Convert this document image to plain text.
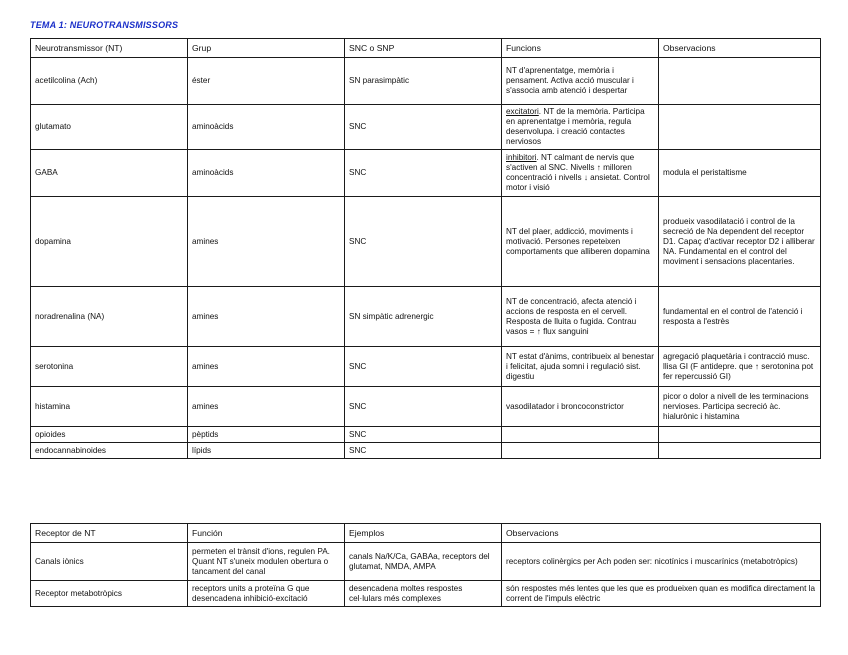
TEMA 1: NEUROTRANSMISSORS
Neurotransmissor (NT)	Grup	SNC o SNP	Funcions	Observacions
acetilcolina (Ach)	éster	SN parasimpàtic	NT d'aprenentatge, memòria i pensament. Activa acció muscular i s'associa amb atenció i despertar	
glutamato	aminoàcids	SNC	excitatori. NT de la memòria. Participa en aprenentatge i memòria, regula desenvolupa. i creació contactes nerviosos	
GABA	aminoàcids	SNC	inhibitori. NT calmant de nervis que s'activen al SNC. Nivells ↑ milloren concentració i nivells ↓ ansietat. Control motor i visió	modula el peristaltisme
dopamina	amines	SNC	NT del plaer, addicció, moviments i motivació. Persones repeteixen comportaments que alliberen dopamina	produeix vasodilatació i control de la secreció de Na dependent del receptor D1. Capaç d'activar receptor D2 i alliberar NA. Fundamental en el control del moviment i sensacions placentaries.
noradrenalina (NA)	amines	SN simpàtic adrenergic	NT de concentració, afecta atenció i accions de resposta en el cervell. Resposta de lluita o fugida. Contrau vasos = ↑ flux sanguini	fundamental en el control de l'atenció i resposta a l'estrès
serotonina	amines	SNC	NT estat d'ànims, contribueix al benestar i felicitat, ajuda somni i regulació sist. digestiu	agregació plaquetària i contracció musc. llisa GI (F antidepre. que ↑ serotonina pot fer repercussió GI)
histamina	amines	SNC	vasodilatador i broncoconstrictor	picor o dolor a nivell de les terminacions nervioses. Participa secreció àc. hialurònic i histamina
opioides	pèptids	SNC		
endocannabinoides	lípids	SNC		
Receptor de NT	Función	Ejemplos	Observacions
Canals iònics	permeten el trànsit d'ions, regulen PA. Quant NT s'uneix modulen obertura o tancament del canal	canals Na/K/Ca, GABAa, receptors del glutamat, NMDA, AMPA	receptors colinèrgics per Ach poden ser: nicotínics i muscarínics (metabotròpics)
Receptor metabotròpics	receptors units a proteïna G que desencadena inhibició-excitació	desencadena moltes respostes cel·lulars més complexes	són respostes més lentes que les que es produeixen quan es modifica directament la corrent de l'impuls elèctric
